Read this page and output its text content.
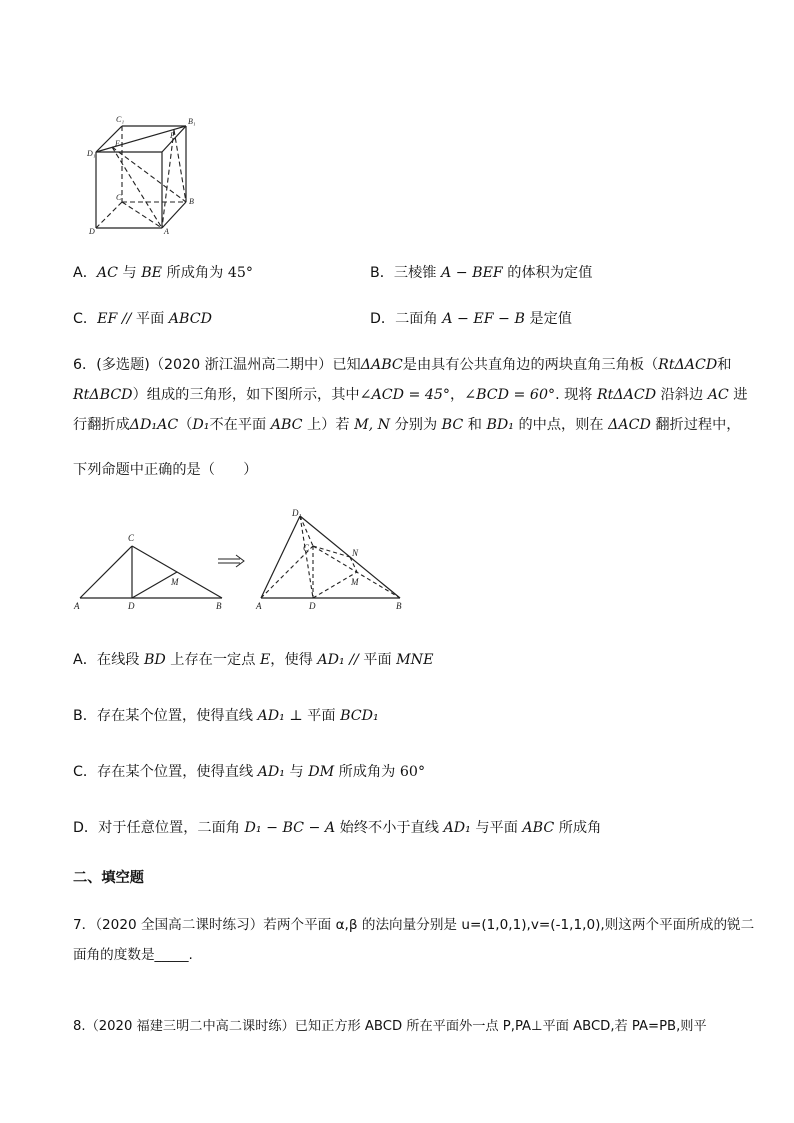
C₁	B₁
D₁
E
F
C	B
D	A
A．AC 与 BE 所成角为 45°	B．三棱锥 A − BEF 的体积为定值
C．EF // 平面 ABCD	D．二面角 A − EF − B 是定值
6．(多选题)（2020 浙江温州高二期中）已知ΔABC是由具有公共直角边的两块直角三角板（RtΔACD和
RtΔBCD）组成的三角形，如下图所示，其中∠ACD = 45°，∠BCD = 60°. 现将 RtΔACD 沿斜边 AC 进
行翻折成ΔD₁AC（D₁不在平面 ABC 上）若 M, N 分别为 BC 和 BD₁ 的中点，则在 ΔACD 翻折过程中，
下列命题中正确的是（　　）
C
M
A	D	B
D₁
C	N
M
A	D	B
A．在线段 BD 上存在一定点 E，使得 AD₁ // 平面 MNE
B．存在某个位置，使得直线 AD₁ ⊥ 平面 BCD₁
C．存在某个位置，使得直线 AD₁ 与 DM 所成角为 60°
D．对于任意位置，二面角 D₁ − BC − A 始终不小于直线 AD₁ 与平面 ABC 所成角
二、填空题
7．（2020 全国高二课时练习）若两个平面 α,β 的法向量分别是 u=(1,0,1),v=(-1,1,0),则这两个平面所成的锐二
面角的度数是_____.
8.（2020 福建三明二中高二课时练）已知正方形 ABCD 所在平面外一点 P,PA⊥平面 ABCD,若 PA=PB,则平
